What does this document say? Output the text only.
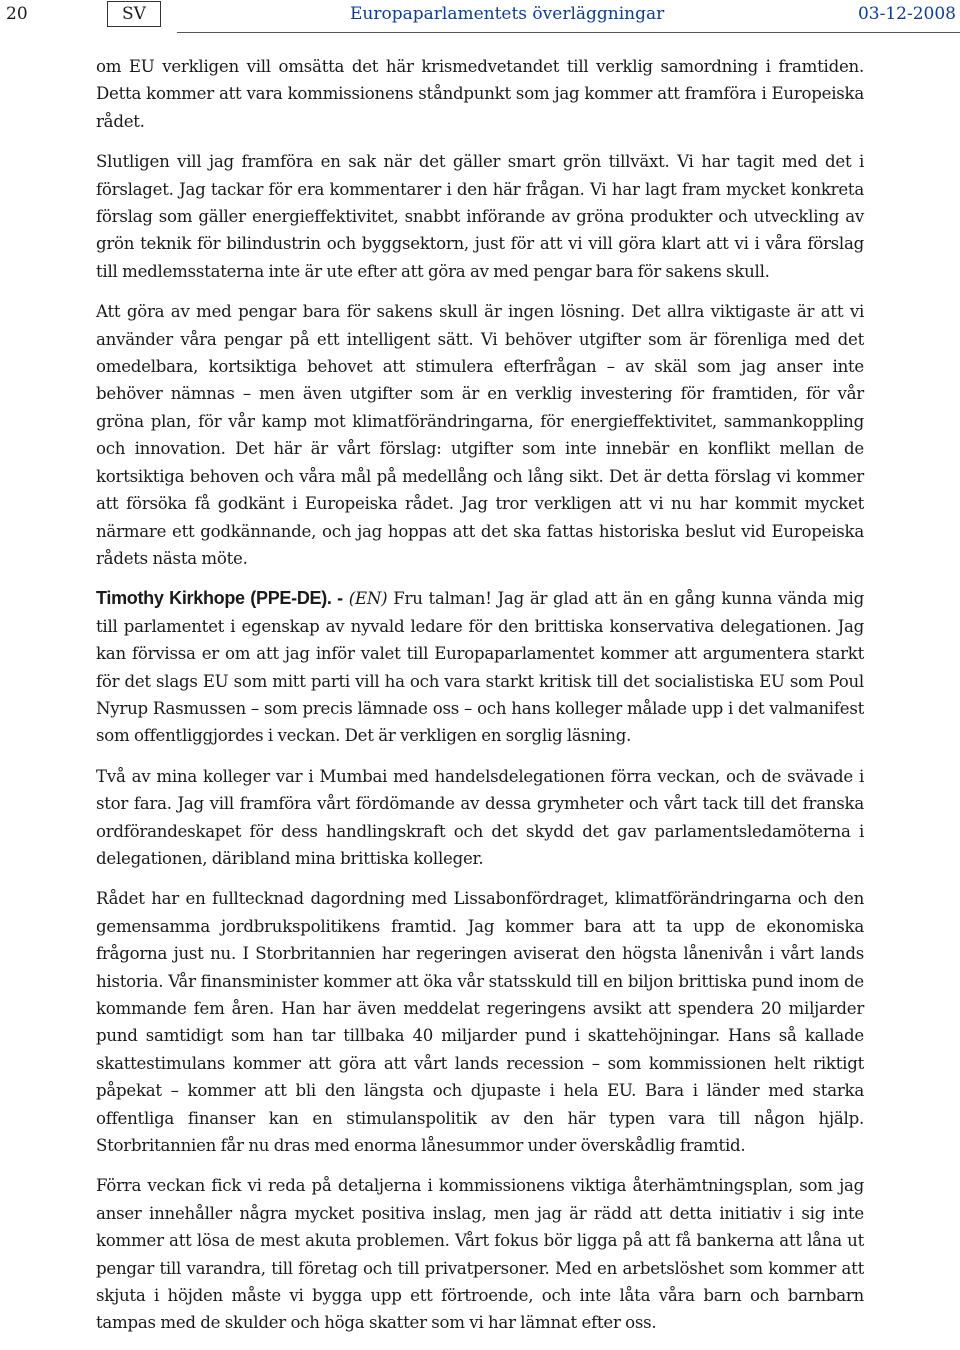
20	SV	Europaparlamentets överläggningar	03-12-2008

om EU verkligen vill omsätta det här krismedvetandet till verklig samordning i framtiden. Detta kommer att vara kommissionens ståndpunkt som jag kommer att framföra i Europeiska rådet.

Slutligen vill jag framföra en sak när det gäller smart grön tillväxt. Vi har tagit med det i förslaget. Jag tackar för era kommentarer i den här frågan. Vi har lagt fram mycket konkreta förslag som gäller energieffektivitet, snabbt införande av gröna produkter och utveckling av grön teknik för bilindustrin och byggsektorn, just för att vi vill göra klart att vi i våra förslag till medlemsstaterna inte är ute efter att göra av med pengar bara för sakens skull.

Att göra av med pengar bara för sakens skull är ingen lösning. Det allra viktigaste är att vi använder våra pengar på ett intelligent sätt. Vi behöver utgifter som är förenliga med det omedelbara, kortsiktiga behovet att stimulera efterfrågan – av skäl som jag anser inte behöver nämnas – men även utgifter som är en verklig investering för framtiden, för vår gröna plan, för vår kamp mot klimatförändringarna, för energieffektivitet, sammankoppling och innovation. Det här är vårt förslag: utgifter som inte innebär en konflikt mellan de kortsiktiga behoven och våra mål på medellång och lång sikt. Det är detta förslag vi kommer att försöka få godkänt i Europeiska rådet. Jag tror verkligen att vi nu har kommit mycket närmare ett godkännande, och jag hoppas att det ska fattas historiska beslut vid Europeiska rådets nästa möte.

Timothy Kirkhope (PPE-DE). - (EN) Fru talman! Jag är glad att än en gång kunna vända mig till parlamentet i egenskap av nyvald ledare för den brittiska konservativa delegationen. Jag kan förvissa er om att jag inför valet till Europaparlamentet kommer att argumentera starkt för det slags EU som mitt parti vill ha och vara starkt kritisk till det socialistiska EU som Poul Nyrup Rasmussen – som precis lämnade oss – och hans kolleger målade upp i det valmanifest som offentliggjordes i veckan. Det är verkligen en sorglig läsning.

Två av mina kolleger var i Mumbai med handelsdelegationen förra veckan, och de svävade i stor fara. Jag vill framföra vårt fördömande av dessa grymheter och vårt tack till det franska ordförandeskapet för dess handlingskraft och det skydd det gav parlamentsledamöterna i delegationen, däribland mina brittiska kolleger.

Rådet har en fulltecknad dagordning med Lissabonfördraget, klimatförändringarna och den gemensamma jordbrukspolitikens framtid. Jag kommer bara att ta upp de ekonomiska frågorna just nu. I Storbritannien har regeringen aviserat den högsta lånenivån i vårt lands historia. Vår finansminister kommer att öka vår statsskuld till en biljon brittiska pund inom de kommande fem åren. Han har även meddelat regeringens avsikt att spendera 20 miljarder pund samtidigt som han tar tillbaka 40 miljarder pund i skattehöjningar. Hans så kallade skattestimulans kommer att göra att vårt lands recession – som kommissionen helt riktigt påpekat – kommer att bli den längsta och djupaste i hela EU. Bara i länder med starka offentliga finanser kan en stimulanspolitik av den här typen vara till någon hjälp. Storbritannien får nu dras med enorma lånesummor under överskådlig framtid.

Förra veckan fick vi reda på detaljerna i kommissionens viktiga återhämtningsplan, som jag anser innehåller några mycket positiva inslag, men jag är rädd att detta initiativ i sig inte kommer att lösa de mest akuta problemen. Vårt fokus bör ligga på att få bankerna att låna ut pengar till varandra, till företag och till privatpersoner. Med en arbetslöshet som kommer att skjuta i höjden måste vi bygga upp ett förtroende, och inte låta våra barn och barnbarn tampas med de skulder och höga skatter som vi har lämnat efter oss.
